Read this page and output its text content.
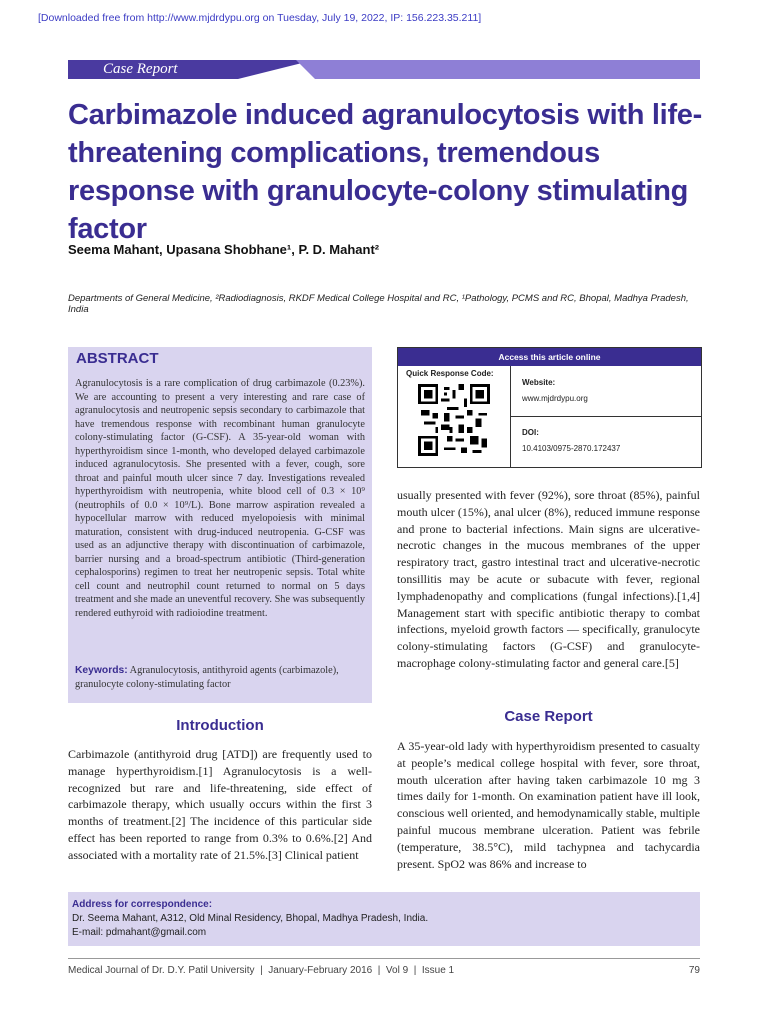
[Downloaded free from http://www.mjdrdypu.org on Tuesday, July 19, 2022, IP: 156.223.35.211]
Case Report
Carbimazole induced agranulocytosis with life-threatening complications, tremendous response with granulocyte-colony stimulating factor
Seema Mahant, Upasana Shobhane¹, P. D. Mahant²
Departments of General Medicine, ²Radiodiagnosis, RKDF Medical College Hospital and RC, ¹Pathology, PCMS and RC, Bhopal, Madhya Pradesh, India
ABSTRACT
Agranulocytosis is a rare complication of drug carbimazole (0.23%). We are accounting to present a very interesting and rare case of agranulocytosis and neutropenic sepsis secondary to carbimazole that have tremendous response with recombinant human granulocyte colony-stimulating factor (G-CSF). A 35-year-old woman with hyperthyroidism since 1-month, who developed delayed carbimazole induced agranulocytosis. She presented with a fever, cough, sore throat and painful mouth ulcer since 7 day. Investigations revealed hyperthyroidism with neutropenia, white blood cell of 0.3 × 10⁹ (neutrophils of 0.0 × 10⁹/L). Bone marrow aspiration revealed a hypocellular marrow with reduced myelopoiesis with minimal maturation, consistent with drug-induced neutropenia. G-CSF was used as an adjunctive therapy with discontinuation of carbimazole, barrier nursing and a broad-spectrum antibiotic (Third-generation cephalosporins) regimen to treat her neutropenic sepsis. Total white cell count and neutrophil count returned to normal on 5 days treatment and she made an uneventful recovery. She was subsequently rendered euthyroid with radioiodine treatment.
Keywords: Agranulocytosis, antithyroid agents (carbimazole), granulocyte colony-stimulating factor
Access this article online
Quick Response Code:
Website:
www.mjdrdypu.org
DOI:
10.4103/0975-2870.172437
usually presented with fever (92%), sore throat (85%), painful mouth ulcer (15%), anal ulcer (8%), reduced immune response and prone to bacterial infections. Main signs are ulcerative-necrotic changes in the mucous membranes of the upper respiratory tract, gastro intestinal tract and ulcerative-necrotic tonsillitis may be acute or subacute with fever, regional lymphadenopathy and complications (fungal infections).[1,4] Management start with specific antibiotic therapy to combat infections, myeloid growth factors — specifically, granulocyte colony-stimulating factors (G-CSF) and granulocyte-macrophage colony-stimulating factor and general care.[5]
Introduction
Carbimazole (antithyroid drug [ATD]) are frequently used to manage hyperthyroidism.[1] Agranulocytosis is a well-recognized but rare and life-threatening, side effect of carbimazole therapy, which usually occurs within the first 3 months of treatment.[2] The incidence of this particular side effect has been reported to range from 0.3% to 0.6%.[2] And associated with a mortality rate of 21.5%.[3] Clinical patient
Case Report
A 35-year-old lady with hyperthyroidism presented to casualty at people’s medical college hospital with fever, sore throat, mouth ulceration after having taken carbimazole 10 mg 3 times daily for 1-month. On examination patient have ill look, conscious well oriented, and hemodynamically stable, multiple painful mucous membrane ulceration. Patient was febrile (temperature, 38.5°C), mild tachypnea and tachycardia present. SpO2 was 86% and increase to
Address for correspondence:
Dr. Seema Mahant, A312, Old Minal Residency, Bhopal, Madhya Pradesh, India.
E-mail: pdmahant@gmail.com
Medical Journal of Dr. D.Y. Patil University  |  January-February 2016  |  Vol 9  |  Issue 1	79
